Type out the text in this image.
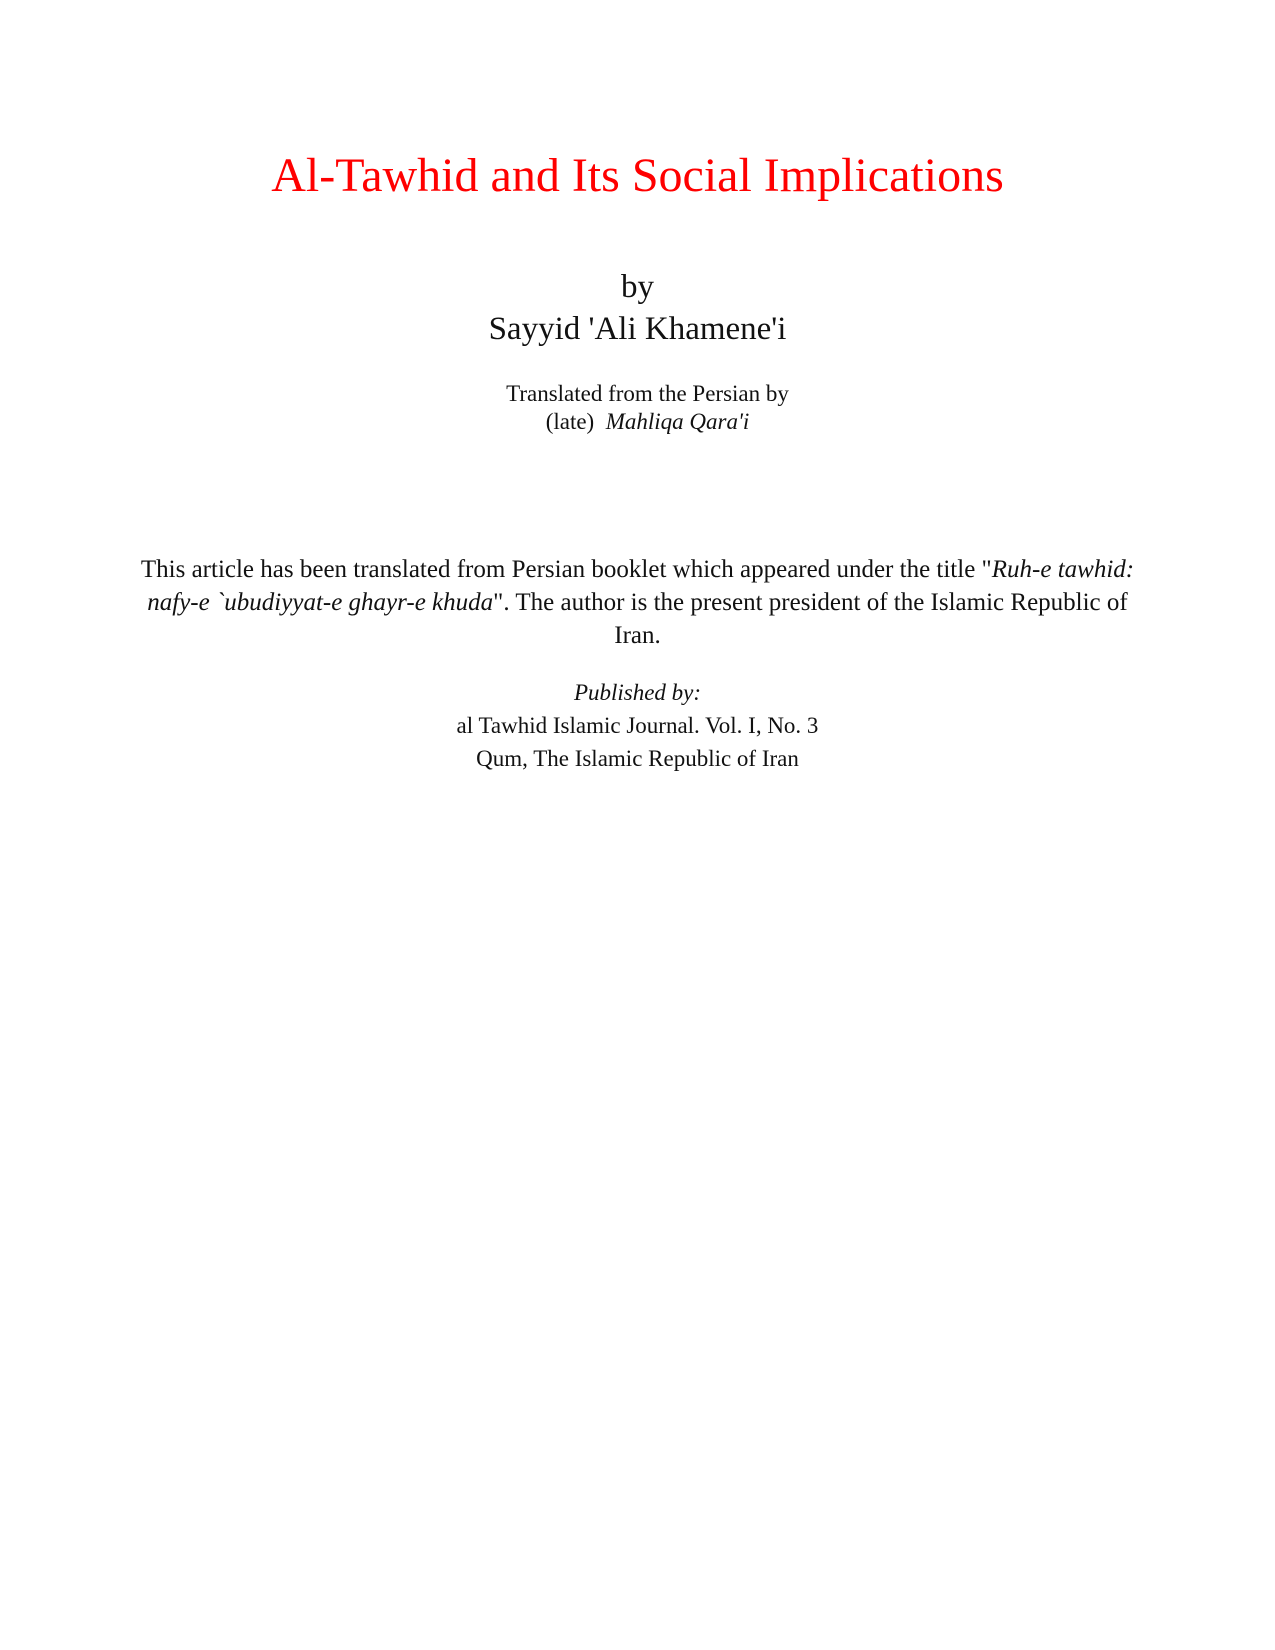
Al-Tawhid and Its Social Implications
by
Sayyid 'Ali Khamene'i
Translated from the Persian by
(late) Mahliqa Qara'i

This article has been translated from Persian booklet which appeared under the title "Ruh-e tawhid: nafy-e `ubudiyyat-e ghayr-e khuda". The author is the present president of the Islamic Republic of Iran.

Published by:
al Tawhid Islamic Journal. Vol. I, No. 3
Qum, The Islamic Republic of Iran
